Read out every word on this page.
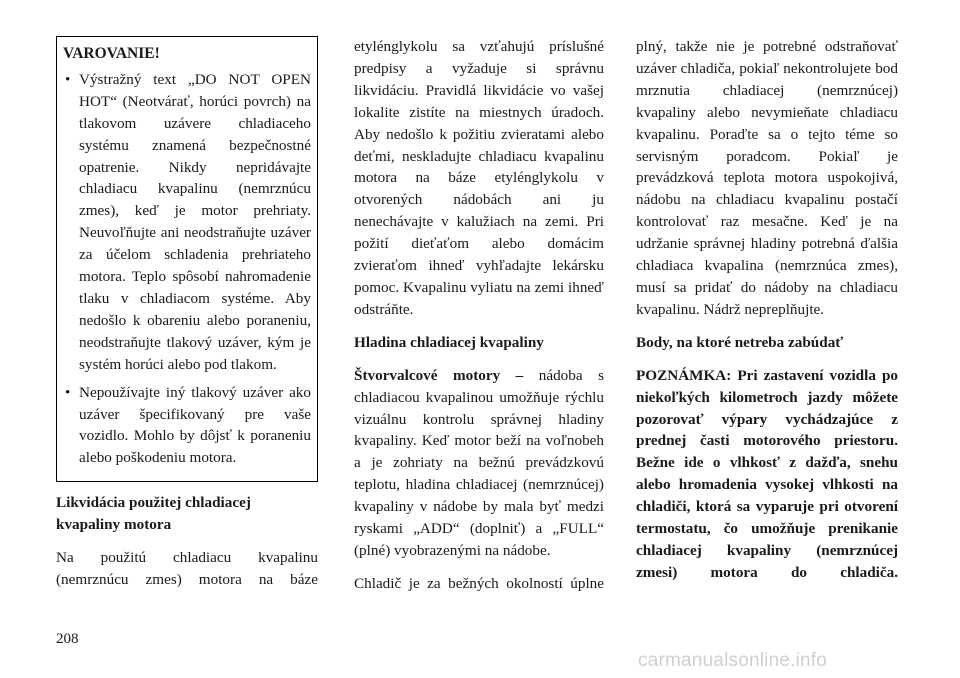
VAROVANIE!
• Výstražný text „DO NOT OPEN HOT“ (Neotvárať, horúci povrch) na tlakovom uzávere chladiaceho systému znamená bezpečnostné opatrenie. Nikdy nepridávajte chladiacu kvapalinu (nemrznúcu zmes), keď je motor prehriaty. Neuvoľňujte ani neodstraňujte uzáver za účelom schladenia prehriateho motora. Teplo spôsobí nahromadenie tlaku v chladiacom systéme. Aby nedošlo k obareniu alebo poraneniu, neodstraňujte tlakový uzáver, kým je systém horúci alebo pod tlakom.
• Nepoužívajte iný tlakový uzáver ako uzáver špecifikovaný pre vaše vozidlo. Mohlo by dôjsť k poraneniu alebo poškodeniu motora.
Likvidácia použitej chladiacej kvapaliny motora

Na použitú chladiacu kvapalinu (nemrznúcu zmes) motora na báze

etylénglykolu sa vzťahujú príslušné predpisy a vyžaduje si správnu likvidáciu. Pravidlá likvidácie vo vašej lokalite zistíte na miestnych úradoch. Aby nedošlo k požitiu zvieratami alebo deťmi, neskladujte chladiacu kvapalinu motora na báze etylénglykolu v otvorených nádobách ani ju nenechávajte v kalužiach na zemi. Pri požití dieťaťom alebo domácim zvieraťom ihneď vyhľadajte lekársku pomoc. Kvapalinu vyliatu na zemi ihneď odstráňte.

Hladina chladiacej kvapaliny

Štvorvalcové motory – nádoba s chladiacou kvapalinou umožňuje rýchlu vizuálnu kontrolu správnej hladiny kvapaliny. Keď motor beží na voľnobeh a je zohriaty na bežnú prevádzkovú teplotu, hladina chladiacej (nemrznúcej) kvapaliny v nádobe by mala byť medzi ryskami „ADD“ (doplniť) a „FULL“ (plné) vyobrazenými na nádobe.

Chladič je za bežných okolností úplne

plný, takže nie je potrebné odstraňovať uzáver chladiča, pokiaľ nekontrolujete bod mrznutia chladiacej (nemrznúcej) kvapaliny alebo nevymieňate chladiacu kvapalinu. Poraďte sa o tejto téme so servisným poradcom. Pokiaľ je prevádzková teplota motora uspokojivá, nádobu na chladiacu kvapalinu postačí kontrolovať raz mesačne. Keď je na udržanie správnej hladiny potrebná ďalšia chladiaca kvapalina (nemrznúca zmes), musí sa pridať do nádoby na chladiacu kvapalinu. Nádrž nepreplňujte.

Body, na ktoré netreba zabúdať

POZNÁMKA: Pri zastavení vozidla po niekoľkých kilometroch jazdy môžete pozorovať výpary vychádzajúce z prednej časti motorového priestoru. Bežne ide o vlhkosť z dažďa, snehu alebo hromadenia vysokej vlhkosti na chladiči, ktorá sa vyparuje pri otvorení termostatu, čo umožňuje prenikanie chladiacej kvapaliny (nemrznúcej zmesi) motora do chladiča.

208
carmanualsonline.info
